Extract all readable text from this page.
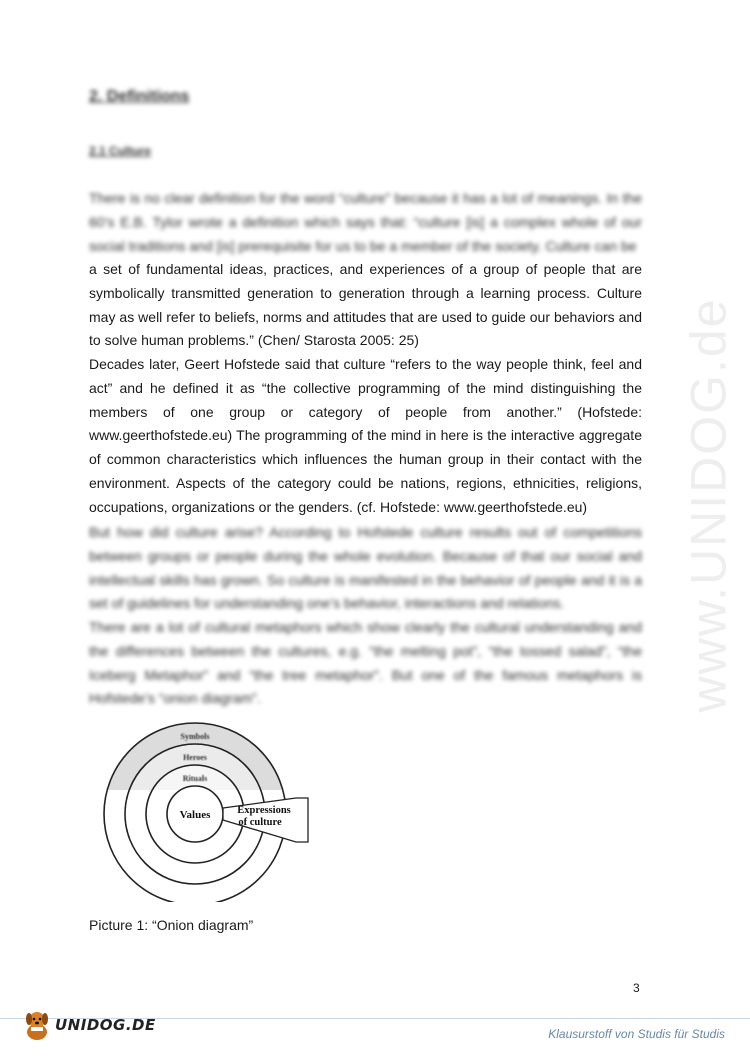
www.UNIDOG.de
2. Definitions
2.1 Culture
There is no clear definition for the word “culture” because it has a lot of meanings. In the 60’s E.B. Tylor wrote a definition which says that: “culture [is] a complex whole of our social traditions and [is] prerequisite for us to be a member of the society. Culture can be
a set of fundamental ideas, practices, and experiences of a group of people that are symbolically transmitted generation to generation through a learning process. Culture may as well refer to beliefs, norms and attitudes that are used to guide our behaviors and to solve human problems.” (Chen/ Starosta 2005: 25)
Decades later, Geert Hofstede said that culture “refers to the way people think, feel and act” and he defined it as “the collective programming of the mind distinguishing the members of one group or category of people from another.” (Hofstede: www.geerthofstede.eu) The programming of the mind in here is the interactive aggregate of common characteristics which influences the human group in their contact with the environment. Aspects of the category could be nations, regions, ethnicities, religions, occupations, organizations or the genders. (cf. Hofstede: www.geerthofstede.eu)
But how did culture arise? According to Hofstede culture results out of competitions between groups or people during the whole evolution. Because of that our social and intellectual skills has grown. So culture is manifested in the behavior of people and it is a set of guidelines for understanding one’s behavior, interactions and relations.
There are a lot of cultural metaphors which show clearly the cultural understanding and the differences between the cultures, e.g. “the melting pot”, “the tossed salad”, “the Iceberg Metaphor” and “the tree metaphor”. But one of the famous metaphors is Hofstede’s “onion diagram”.
Symbols
Heroes
Rituals
Values	Expressions
of culture
Picture 1: “Onion diagram”
3
UNIDOG.DE	Klausurstoff von Studis für Studis
